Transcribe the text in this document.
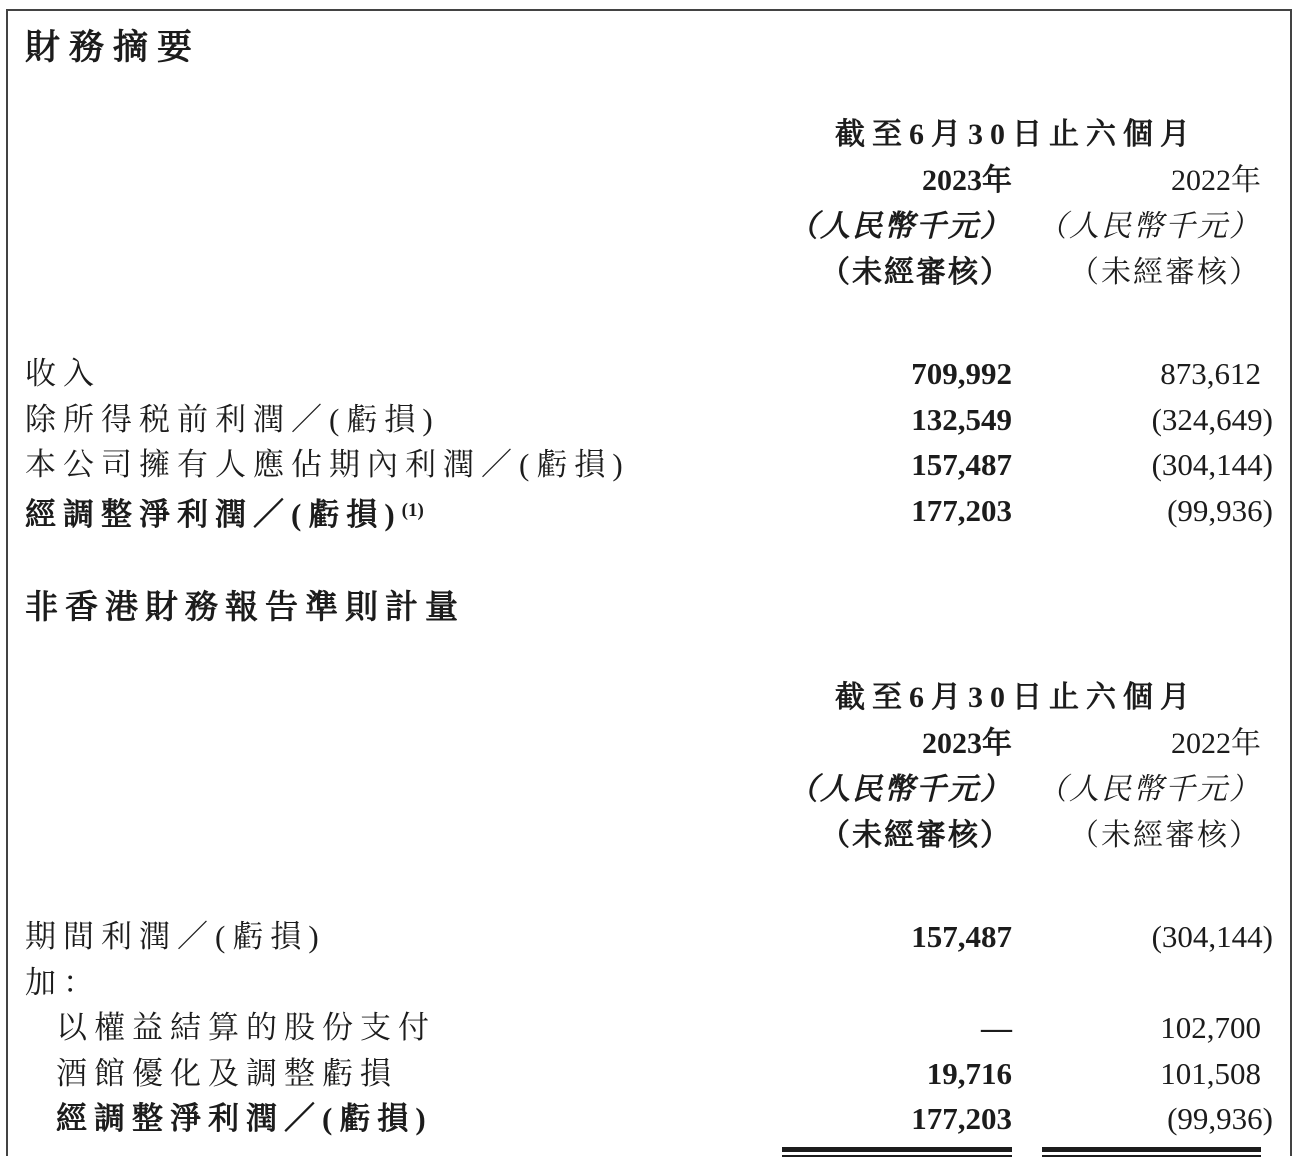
財務摘要
截至6月30日止六個月
2023年	2022年
（人民幣千元） （人民幣千元）
（未經審核）	（未經審核）
收入	709,992	873,612
除所得税前利潤／(虧損)	132,549	(324,649)
本公司擁有人應佔期內利潤／(虧損)	157,487	(304,144)
經調整淨利潤／(虧損)$^{(1)}$	177,203	(99,936)
非香港財務報告準則計量
截至6月30日止六個月
2023年	2022年
（人民幣千元） （人民幣千元）
（未經審核）	（未經審核）
期間利潤／(虧損)	157,487	(304,144)
加：
以權益結算的股份支付	—	102,700
酒館優化及調整虧損	19,716	101,508
經調整淨利潤／(虧損)	177,203	(99,936)
